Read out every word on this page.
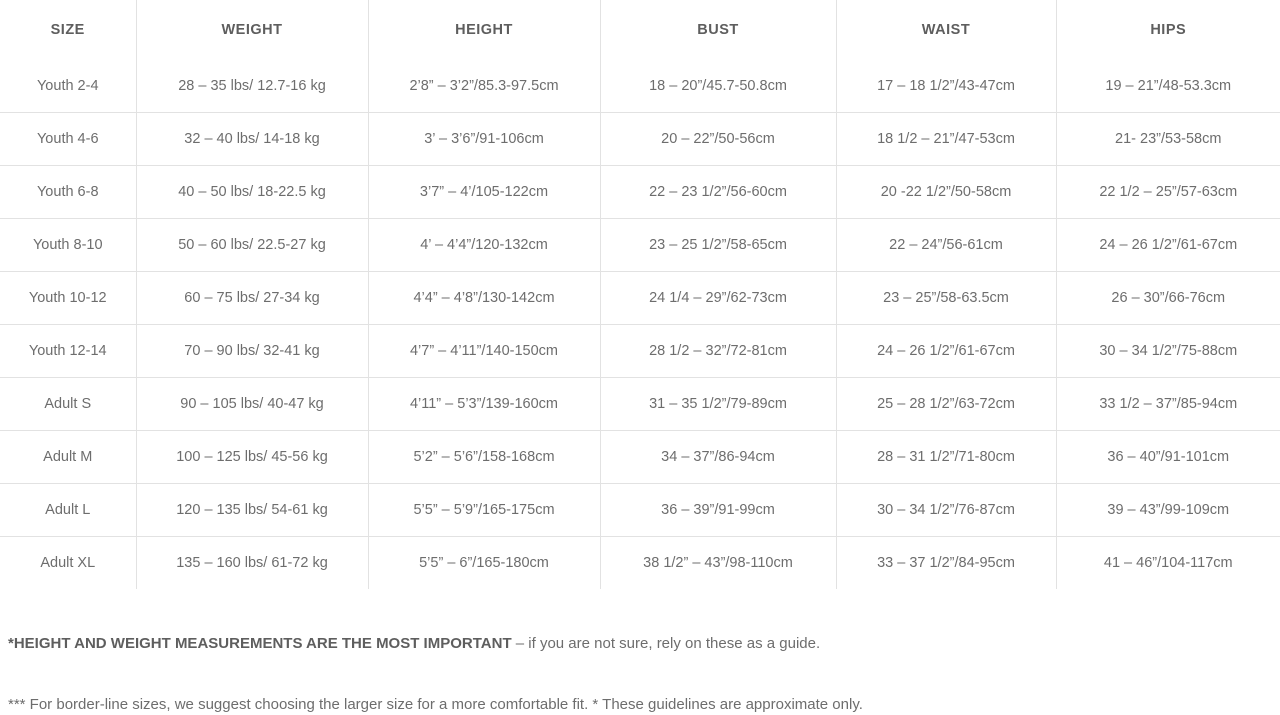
SIZE	WEIGHT	HEIGHT	BUST	WAIST	HIPS
Youth 2-4	28 – 35 lbs/ 12.7-16 kg	2’8” – 3’2”/85.3-97.5cm	18 – 20”/45.7-50.8cm	17 – 18 1/2”/43-47cm	19 – 21”/48-53.3cm
Youth 4-6	32 – 40 lbs/ 14-18 kg	3’ – 3’6”/91-106cm	20 – 22”/50-56cm	18 1/2 – 21”/47-53cm	21- 23”/53-58cm
Youth 6-8	40 – 50 lbs/ 18-22.5 kg	3’7” – 4’/105-122cm	22 – 23 1/2”/56-60cm	20 -22 1/2”/50-58cm	22 1/2 – 25”/57-63cm
Youth 8-10	50 – 60 lbs/ 22.5-27 kg	4’ – 4’4”/120-132cm	23 – 25 1/2”/58-65cm	22 – 24”/56-61cm	24 – 26 1/2”/61-67cm
Youth 10-12	60 – 75 lbs/ 27-34 kg	4’4” – 4’8”/130-142cm	24 1/4 – 29”/62-73cm	23 – 25”/58-63.5cm	26 – 30”/66-76cm
Youth 12-14	70 – 90 lbs/ 32-41 kg	4’7” – 4’11”/140-150cm	28 1/2 – 32”/72-81cm	24 – 26 1/2”/61-67cm	30 – 34 1/2”/75-88cm
Adult S	90 – 105 lbs/ 40-47 kg	4’11” – 5’3”/139-160cm	31 – 35 1/2”/79-89cm	25 – 28 1/2”/63-72cm	33 1/2 – 37”/85-94cm
Adult M	100 – 125 lbs/ 45-56 kg	5’2” – 5’6”/158-168cm	34 – 37”/86-94cm	28 – 31 1/2”/71-80cm	36 – 40”/91-101cm
Adult L	120 – 135 lbs/ 54-61 kg	5’5” – 5’9”/165-175cm	36 – 39”/91-99cm	30 – 34 1/2”/76-87cm	39 – 43”/99-109cm
Adult XL	135 – 160 lbs/ 61-72 kg	5’5” – 6”/165-180cm	38 1/2” – 43”/98-110cm	33 – 37 1/2”/84-95cm	41 – 46”/104-117cm

*HEIGHT AND WEIGHT MEASUREMENTS ARE THE MOST IMPORTANT – if you are not sure, rely on these as a guide.

*** For border-line sizes, we suggest choosing the larger size for a more comfortable fit. * These guidelines are approximate only.
